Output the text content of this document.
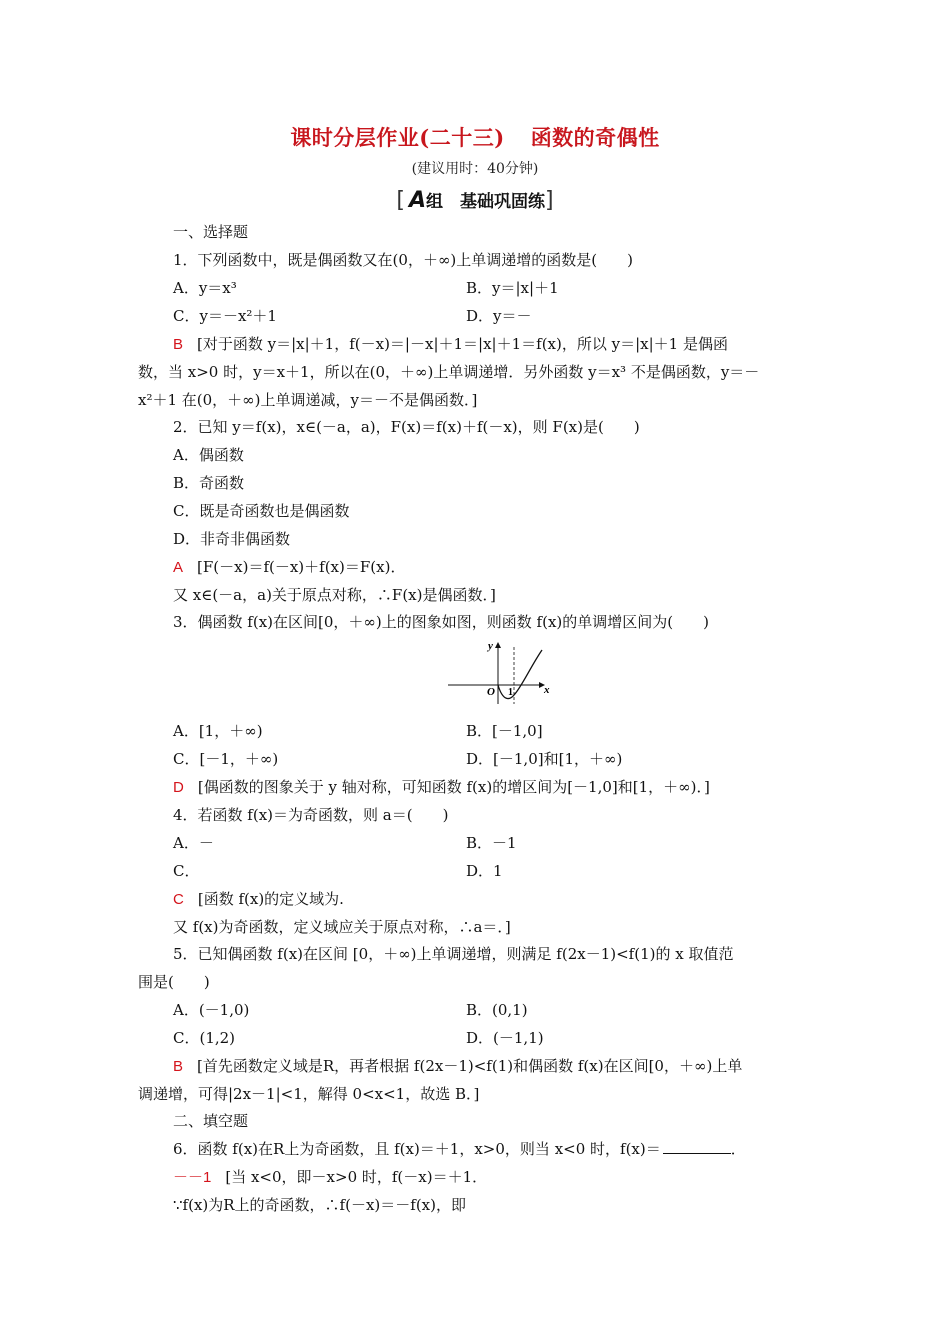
课时分层作业(二十三) 函数的奇偶性
(建议用时：40分钟)
[ A组　基础巩固练]
一、选择题
1．下列函数中，既是偶函数又在(0，＋∞)上单调递增的函数是(　　)
A．y＝x³	B．y＝|x|＋1
C．y＝－x²＋1	D．y＝－
B [对于函数 y＝|x|＋1，f(－x)＝|－x|＋1＝|x|＋1＝f(x)，所以 y＝|x|＋1 是偶函
数，当 x>0 时，y＝x＋1，所以在(0，＋∞)上单调递增．另外函数 y＝x³ 不是偶函数，y＝－
x²＋1 在(0，＋∞)上单调递减，y＝－不是偶函数．]
2．已知 y＝f(x)，x∈(－a，a)，F(x)＝f(x)＋f(－x)，则 F(x)是(　　)
A．偶函数
B．奇函数
C．既是奇函数也是偶函数
D．非奇非偶函数
A [F(－x)＝f(－x)＋f(x)＝F(x)．
又 x∈(－a，a)关于原点对称，∴F(x)是偶函数．]
3．偶函数 f(x)在区间[0，＋∞)上的图象如图，则函数 f(x)的单调增区间为(　　)
y
x
O 1
A．[1，＋∞)	B．[－1,0]
C．[－1，＋∞)	D．[－1,0]和[1，＋∞)
D [偶函数的图象关于 y 轴对称，可知函数 f(x)的增区间为[－1,0]和[1，＋∞)．]
4．若函数 f(x)＝为奇函数，则 a＝(　　)
A．－	B．－1
C．	D．1
C [函数 f(x)的定义域为.
又 f(x)为奇函数，定义域应关于原点对称，∴a＝．]
5．已知偶函数 f(x)在区间 [0，＋∞)上单调递增，则满足 f(2x－1)<f(1)的 x 取值范
围是(　　)
A．(－1,0)	B．(0,1)
C．(1,2)	D．(－1,1)
B [首先函数定义域是R，再者根据 f(2x－1)<f(1)和偶函数 f(x)在区间[0，＋∞)上单
调递增，可得|2x－1|<1，解得 0<x<1，故选 B．]
二、填空题
6．函数 f(x)在R上为奇函数，且 f(x)＝＋1，x>0，则当 x<0 时，f(x)＝	．
－－1 [当 x<0，即－x>0 时，f(－x)＝＋1．
∵f(x)为R上的奇函数，∴f(－x)＝－f(x)，即
